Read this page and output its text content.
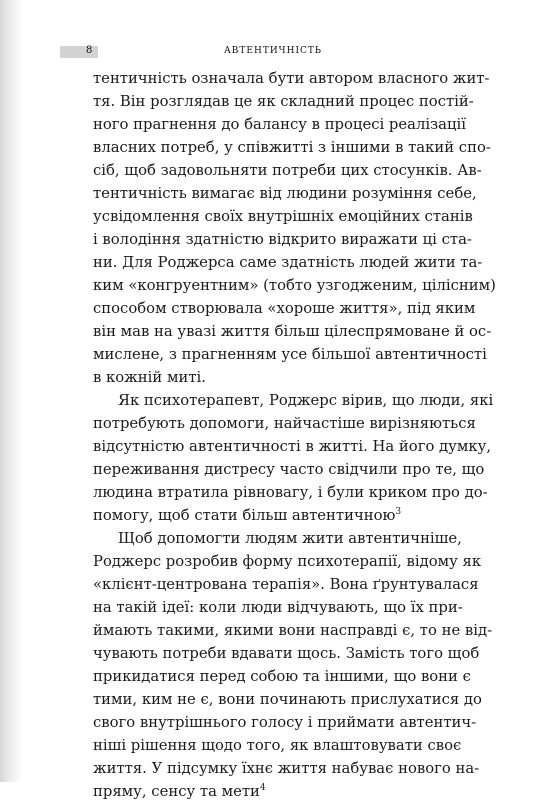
8	АВТЕНТИЧНІСТЬ

тентичність означала бути автором власного жит-
тя. Він розглядав це як складний процес постій-
ного прагнення до балансу в процесі реалізації
власних потреб, у співжитті з іншими в такий спо-
сіб, щоб задовольняти потреби цих стосунків. Ав-
тентичність вимагає від людини розуміння себе,
усвідомлення своїх внутрішніх емоційних станів
і володіння здатністю відкрито виражати ці ста-
ни. Для Роджерса саме здатність людей жити та-
ким «конгруентним» (тобто узгодженим, цілісним)
способом створювала «хороше життя», під яким
він мав на увазі життя більш цілеспрямоване й ос-
мислене, з прагненням усе більшої автентичності
в кожній миті.

Як психотерапевт, Роджерс вірив, що люди, які
потребують допомоги, найчастіше вирізняються
відсутністю автентичності в житті. На його думку,
переживання дистресу часто свідчили про те, що
людина втратила рівновагу, і були криком про до-
помогу, щоб стати більш автентичною$^3$

Щоб допомогти людям жити автентичніше,
Роджерс розробив форму психотерапії, відому як
«клієнт-центрована терапія». Вона ґрунтувалася
на такій ідеї: коли люди відчувають, що їх при-
ймають такими, якими вони насправді є, то не від-
чувають потреби вдавати щось. Замість того щоб
прикидатися перед собою та іншими, що вони є
тими, ким не є, вони починають прислухатися до
свого внутрішнього голосу і приймати автентич-
ніші рішення щодо того, як влаштовувати своє
життя. У підсумку їхнє життя набуває нового на-
пряму, сенсу та мети$^4$
